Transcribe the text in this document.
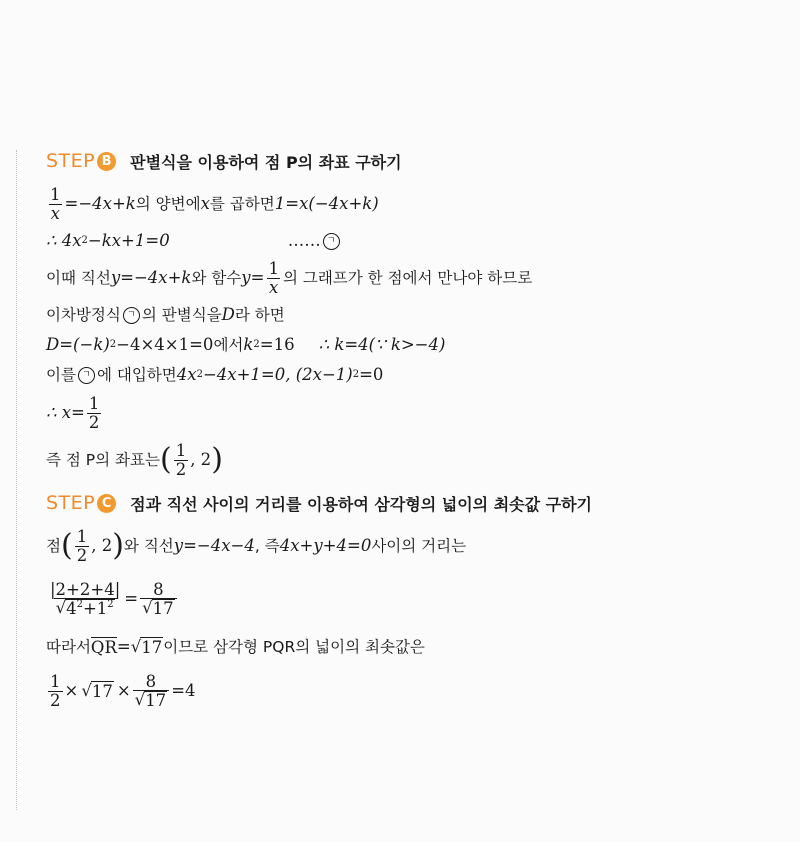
STEP B 판별식을 이용하여 점 P의 좌표 구하기
$\frac{1}{x} =-4x+k$ 의 양변에 x 를 곱하면 1=x(−4x+k)
∴ 4x 2 −kx+1=0	…… ㄱ
이때 직선 y=−4x+k 와 함수 $y= \frac{1}{x}$ 의 그래프가 한 점에서 만나야 하므로
이차방정식 ㄱ 의 판별식을 D 라 하면
D=(−k) 2 −4×4×1=0 에서 k 2 =16 ∴ k=4(∵ k>−4)
이를 ㄱ 에 대입하면 4x 2 −4x+1=0, (2x−1) 2 =0
∴ $x= \frac{1}{2}$
즉 점 P의 좌표는 ( $\frac{1}{2}$ , 2 )
STEP C 점과 직선 사이의 거리를 이용하여 삼각형의 넓이의 최솟값 구하기
점 ( $\frac{1}{2}$ , 2 ) 와 직선 y=−4x−4 , 즉 4x+y+4=0 사이의 거리는
$\frac{|2+2+4|}{√ 4^2+1^2} = \frac{8}{√ 17}$
따라서 QR = √ 17 이므로 삼각형 PQR의 넓이의 최솟값은
$\frac{1}{2}$ × √ $17 \times \frac{8}{√ 17} =4$
